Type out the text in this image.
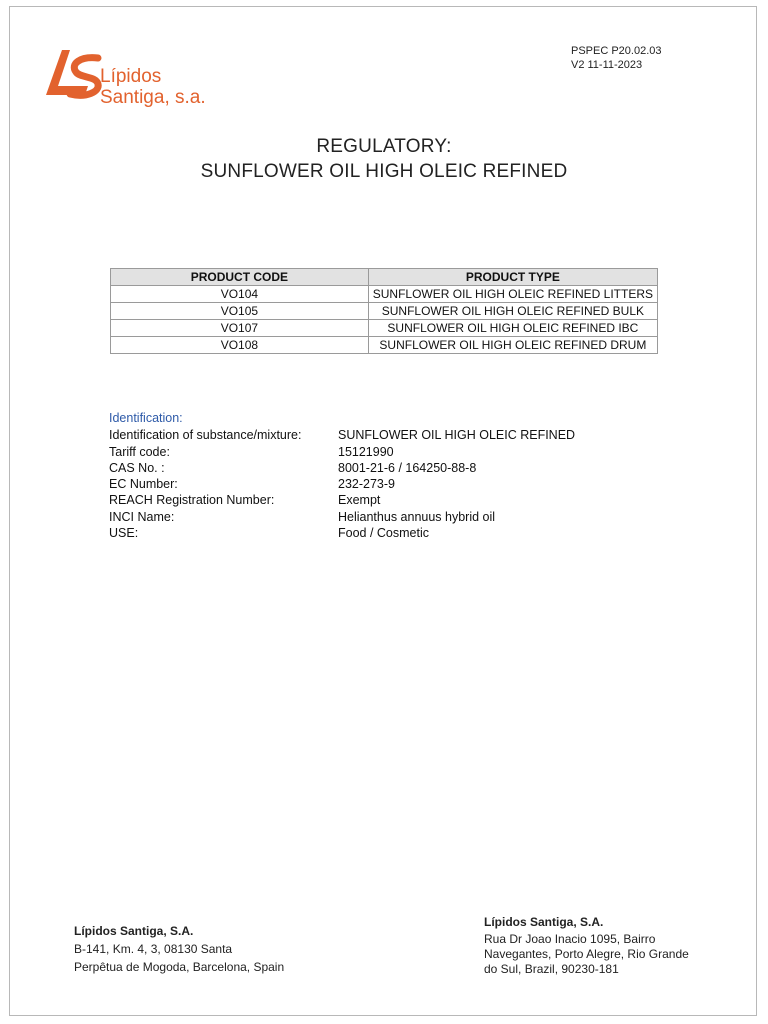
Lípidos
Santiga, s.a.
PSPEC P20.02.03
V2 11-11-2023
REGULATORY:
SUNFLOWER OIL HIGH OLEIC REFINED
PRODUCT CODE	PRODUCT TYPE
VO104	SUNFLOWER OIL HIGH OLEIC REFINED LITTERS
VO105	SUNFLOWER OIL HIGH OLEIC REFINED BULK
VO107	SUNFLOWER OIL HIGH OLEIC REFINED IBC
VO108	SUNFLOWER OIL HIGH OLEIC REFINED DRUM
Identification:
Identification of substance/mixture:	SUNFLOWER OIL HIGH OLEIC REFINED
Tariff code:	15121990
CAS No. :	8001-21-6 / 164250-88-8
EC Number:	232-273-9
REACH Registration Number:	Exempt
INCI Name:	Helianthus annuus hybrid oil
USE:	Food / Cosmetic
Lípidos Santiga, S.A.
B-141, Km. 4, 3, 08130 Santa
Perpêtua de Mogoda, Barcelona, Spain
Lípidos Santiga, S.A.
Rua Dr Joao Inacio 1095, Bairro
Navegantes, Porto Alegre, Rio Grande
do Sul, Brazil, 90230-181
